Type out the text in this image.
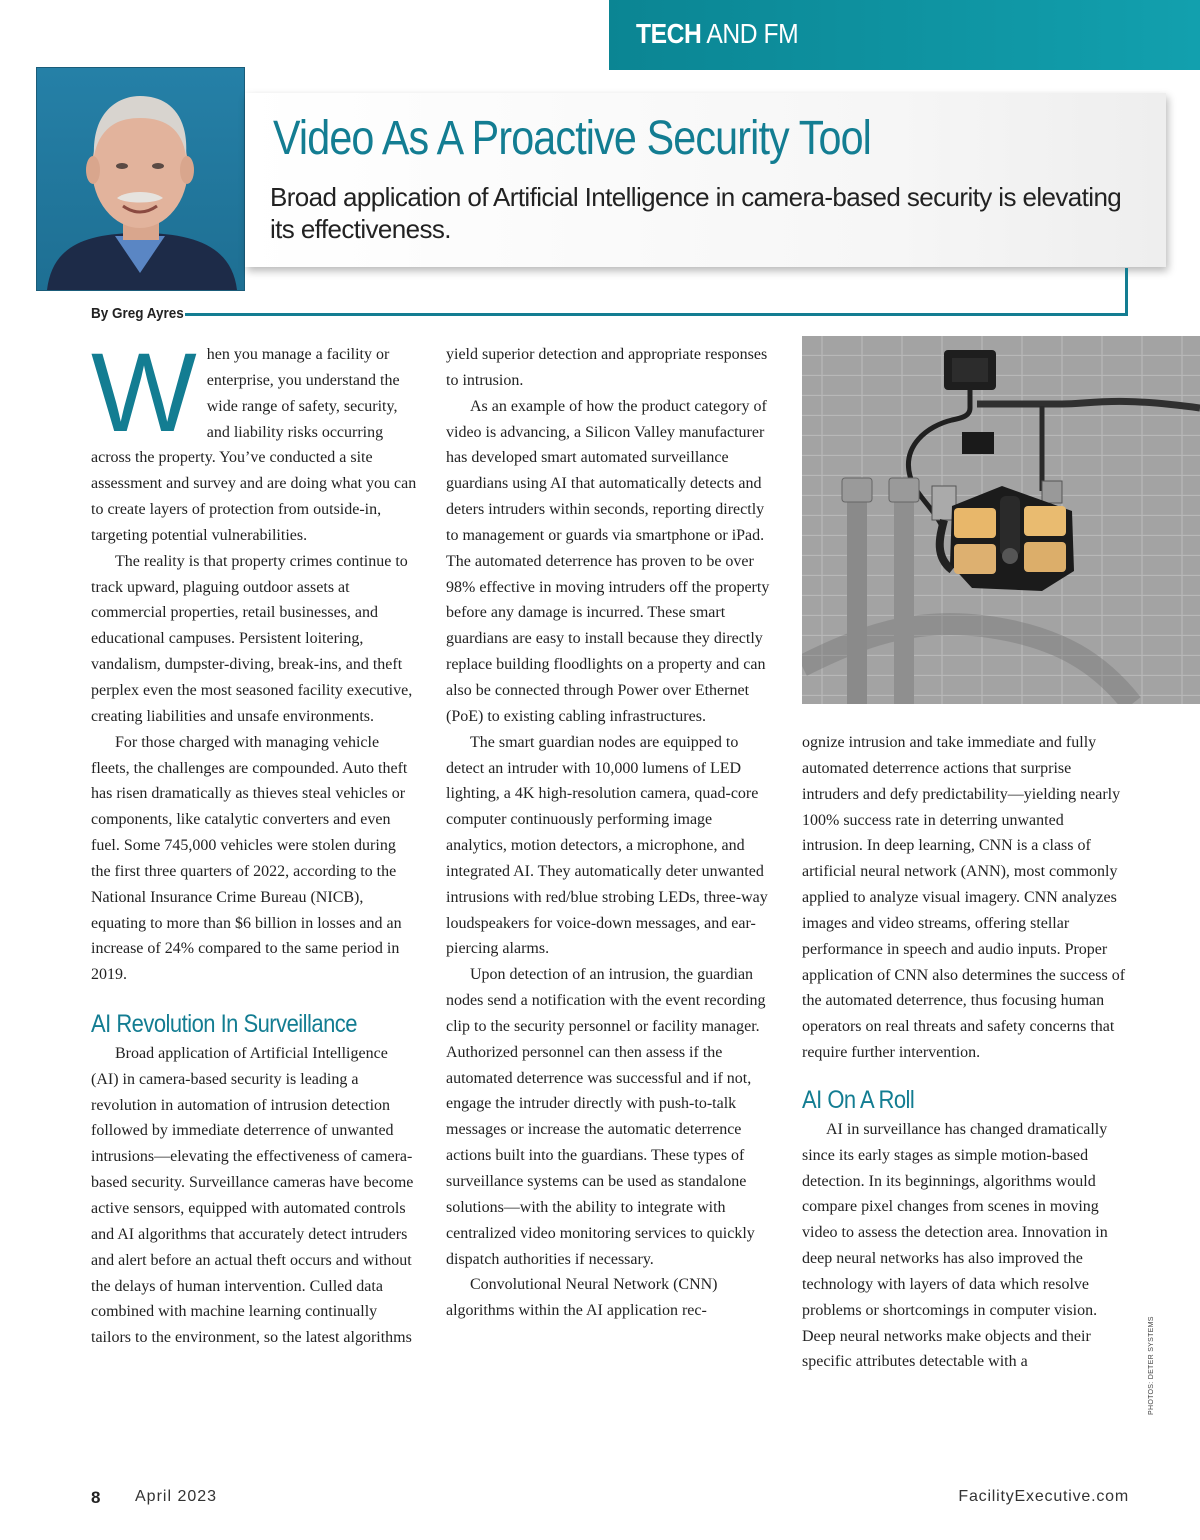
TECH AND FM
Video As A Proactive Security Tool
Broad application of Artificial Intelligence in camera-based security is elevating its effectiveness.
By Greg Ayres

When you manage a facility or enterprise, you understand the wide range of safety, security, and liability risks occurring across the property. You’ve conducted a site assessment and survey and are doing what you can to create layers of protection from outside-in, targeting potential vulnerabilities.

The reality is that property crimes continue to track upward, plaguing outdoor assets at commercial properties, retail businesses, and educational campuses. Persistent loitering, vandalism, dumpster-diving, break-ins, and theft perplex even the most seasoned facility executive, creating liabilities and unsafe environments.

For those charged with managing vehicle fleets, the challenges are compounded. Auto theft has risen dramatically as thieves steal vehicles or components, like catalytic converters and even fuel. Some 745,000 vehicles were stolen during the first three quarters of 2022, according to the National Insurance Crime Bureau (NICB), equating to more than $6 billion in losses and an increase of 24% compared to the same period in 2019.

AI Revolution In Surveillance

Broad application of Artificial Intelligence (AI) in camera-based security is leading a revolution in automation of intrusion detection followed by immediate deterrence of unwanted intrusions—elevating the effectiveness of camera-based security. Surveillance cameras have become active sensors, equipped with automated controls and AI algorithms that accurately detect intruders and alert before an actual theft occurs and without the delays of human intervention. Culled data combined with machine learning continually tailors to the environment, so the latest algorithms

yield superior detection and appropriate responses to intrusion.

As an example of how the product category of video is advancing, a Silicon Valley manufacturer has developed smart automated surveillance guardians using AI that automatically detects and deters intruders within seconds, reporting directly to management or guards via smartphone or iPad. The automated deterrence has proven to be over 98% effective in moving intruders off the property before any damage is incurred. These smart guardians are easy to install because they directly replace building floodlights on a property and can also be connected through Power over Ethernet (PoE) to existing cabling infrastructures.

The smart guardian nodes are equipped to detect an intruder with 10,000 lumens of LED lighting, a 4K high-resolution camera, quad-core computer continuously performing image analytics, motion detectors, a microphone, and integrated AI. They automatically deter unwanted intrusions with red/blue strobing LEDs, three-way loudspeakers for voice-down messages, and ear-piercing alarms.

Upon detection of an intrusion, the guardian nodes send a notification with the event recording clip to the security personnel or facility manager. Authorized personnel can then assess if the automated deterrence was successful and if not, engage the intruder directly with push-to-talk messages or increase the automatic deterrence actions built into the guardians. These types of surveillance systems can be used as standalone solutions—with the ability to integrate with centralized video monitoring services to quickly dispatch authorities if necessary.

Convolutional Neural Network (CNN) algorithms within the AI application rec-

ognize intrusion and take immediate and fully automated deterrence actions that surprise intruders and defy predictability—yielding nearly 100% success rate in deterring unwanted intrusion. In deep learning, CNN is a class of artificial neural network (ANN), most commonly applied to analyze visual imagery. CNN analyzes images and video streams, offering stellar performance in speech and audio inputs. Proper application of CNN also determines the success of the automated deterrence, thus focusing human operators on real threats and safety concerns that require further intervention.

AI On A Roll

AI in surveillance has changed dramatically since its early stages as simple motion-based detection. In its beginnings, algorithms would compare pixel changes from scenes in moving video to assess the detection area. Innovation in deep neural networks has also improved the technology with layers of data which resolve problems or shortcomings in computer vision. Deep neural networks make objects and their specific attributes detectable with a	PHOTOS: DETER SYSTEMS
8 April 2023	FacilityExecutive.com
